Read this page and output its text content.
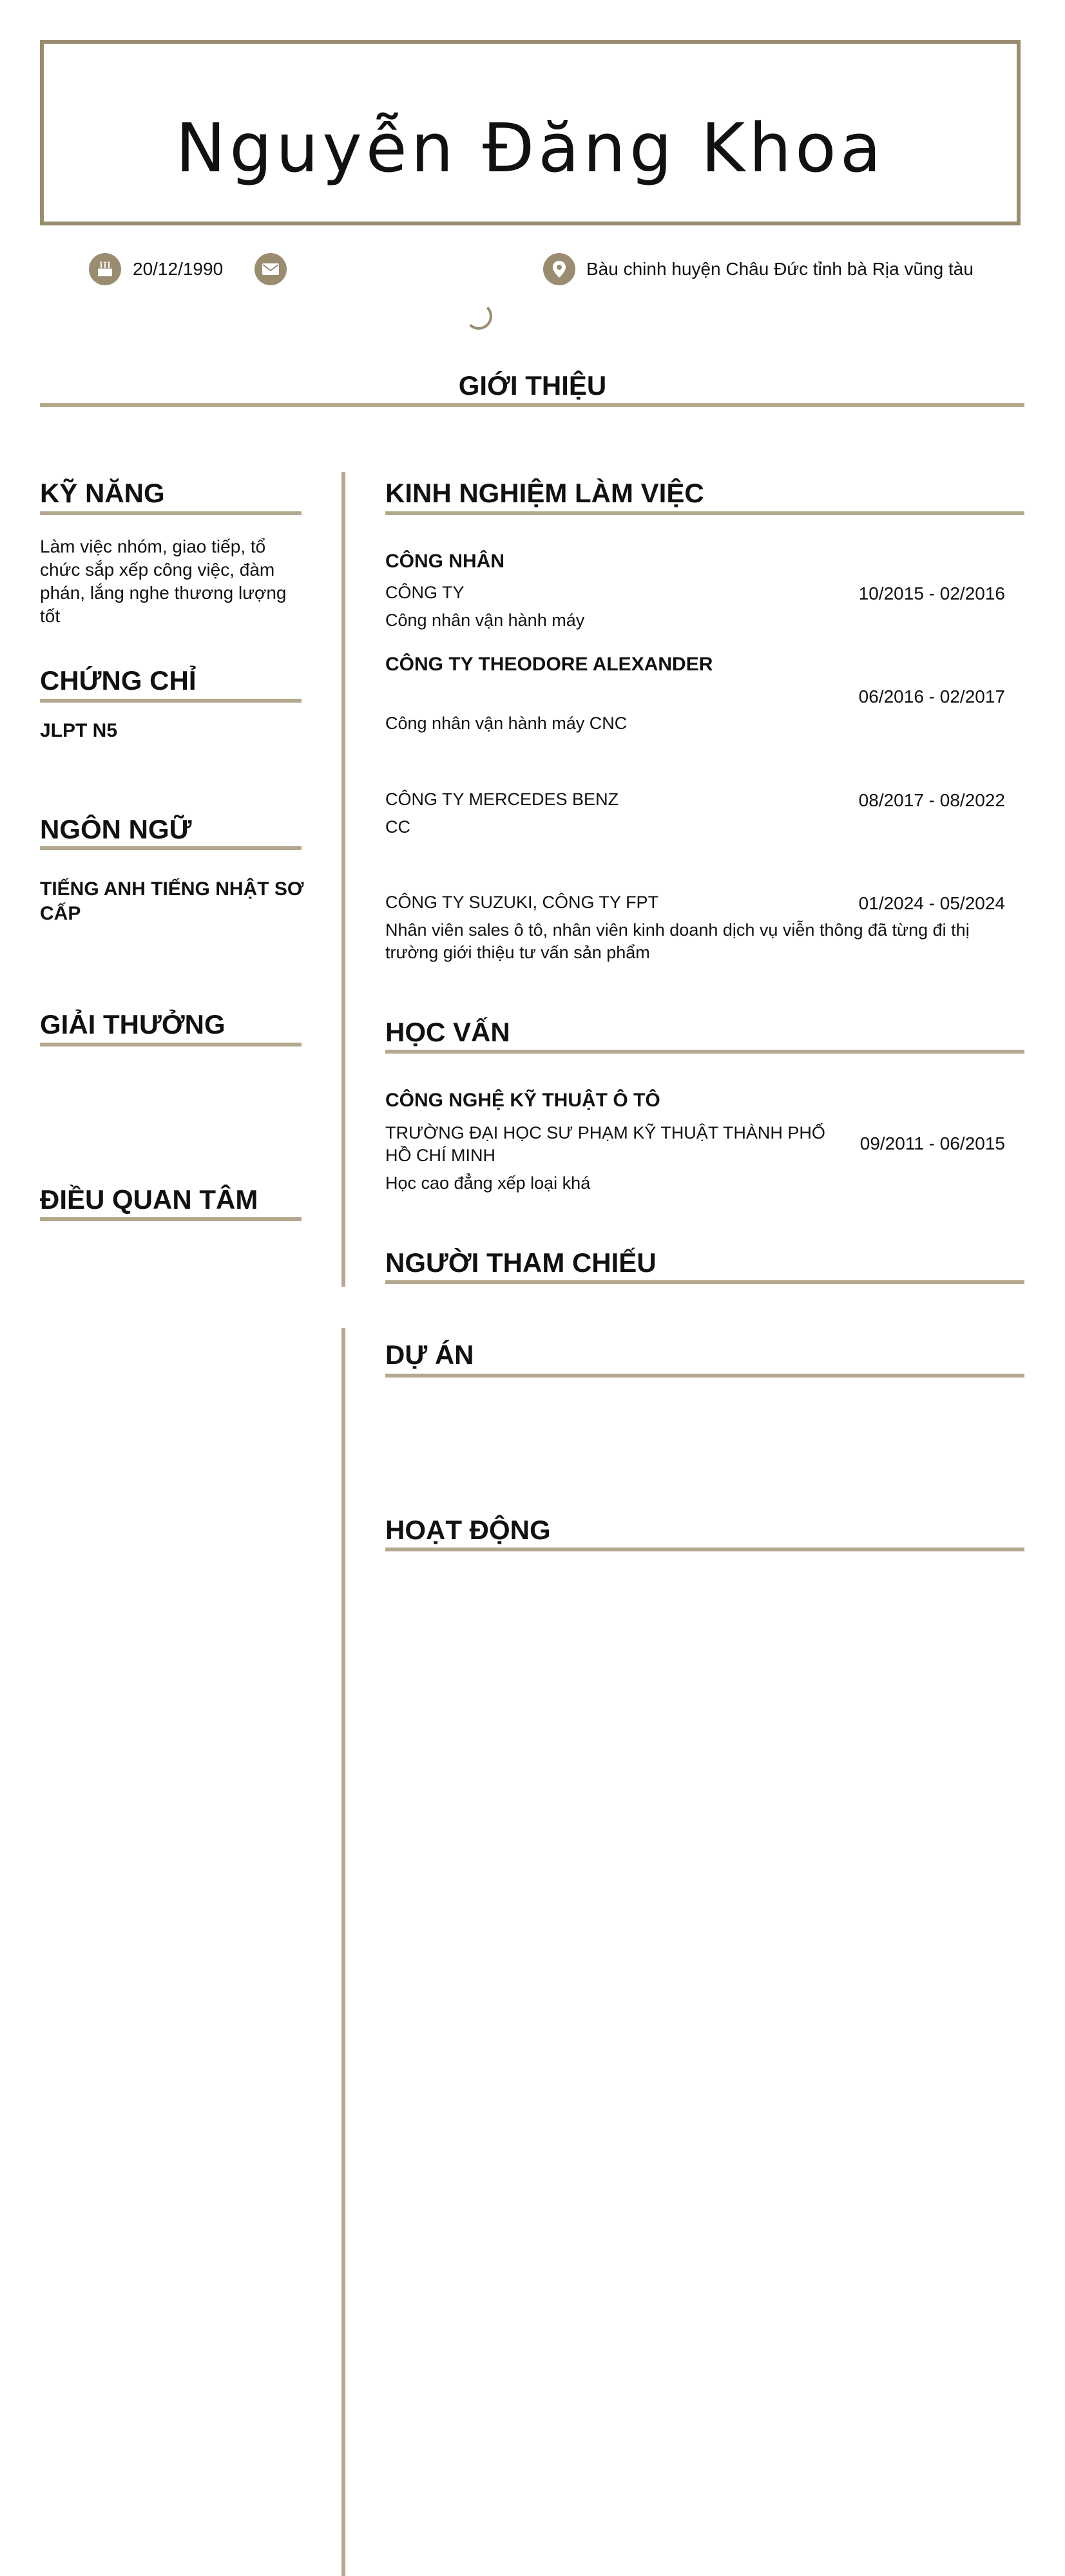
Nguyễn Đăng Khoa
20/12/1990	Bàu chinh huyện Châu Đức tỉnh bà Rịa vũng tàu
GIỚI THIỆU
KỸ NĂNG
Làm việc nhóm, giao tiếp, tổ chức sắp xếp công việc, đàm phán, lắng nghe thương lượng tốt
CHỨNG CHỈ
JLPT N5
NGÔN NGỮ
TIẾNG ANH TIẾNG NHẬT SƠ CẤP
GIẢI THƯỞNG
ĐIỀU QUAN TÂM
KINH NGHIỆM LÀM VIỆC
CÔNG NHÂN
CÔNG TY	10/2015 - 02/2016
Công nhân vận hành máy
CÔNG TY THEODORE ALEXANDER
06/2016 - 02/2017
Công nhân vận hành máy CNC
CÔNG TY MERCEDES BENZ	08/2017 - 08/2022
CC
CÔNG TY SUZUKI, CÔNG TY FPT	01/2024 - 05/2024
Nhân viên sales ô tô, nhân viên kinh doanh dịch vụ viễn thông đã từng đi thị trường giới thiệu tư vấn sản phẩm
HỌC VẤN
CÔNG NGHỆ KỸ THUẬT Ô TÔ
TRƯỜNG ĐẠI HỌC SƯ PHẠM KỸ THUẬT THÀNH PHỐ HỒ CHÍ MINH
09/2011 - 06/2015
Học cao đẳng xếp loại khá
NGƯỜI THAM CHIẾU
DỰ ÁN
HOẠT ĐỘNG
